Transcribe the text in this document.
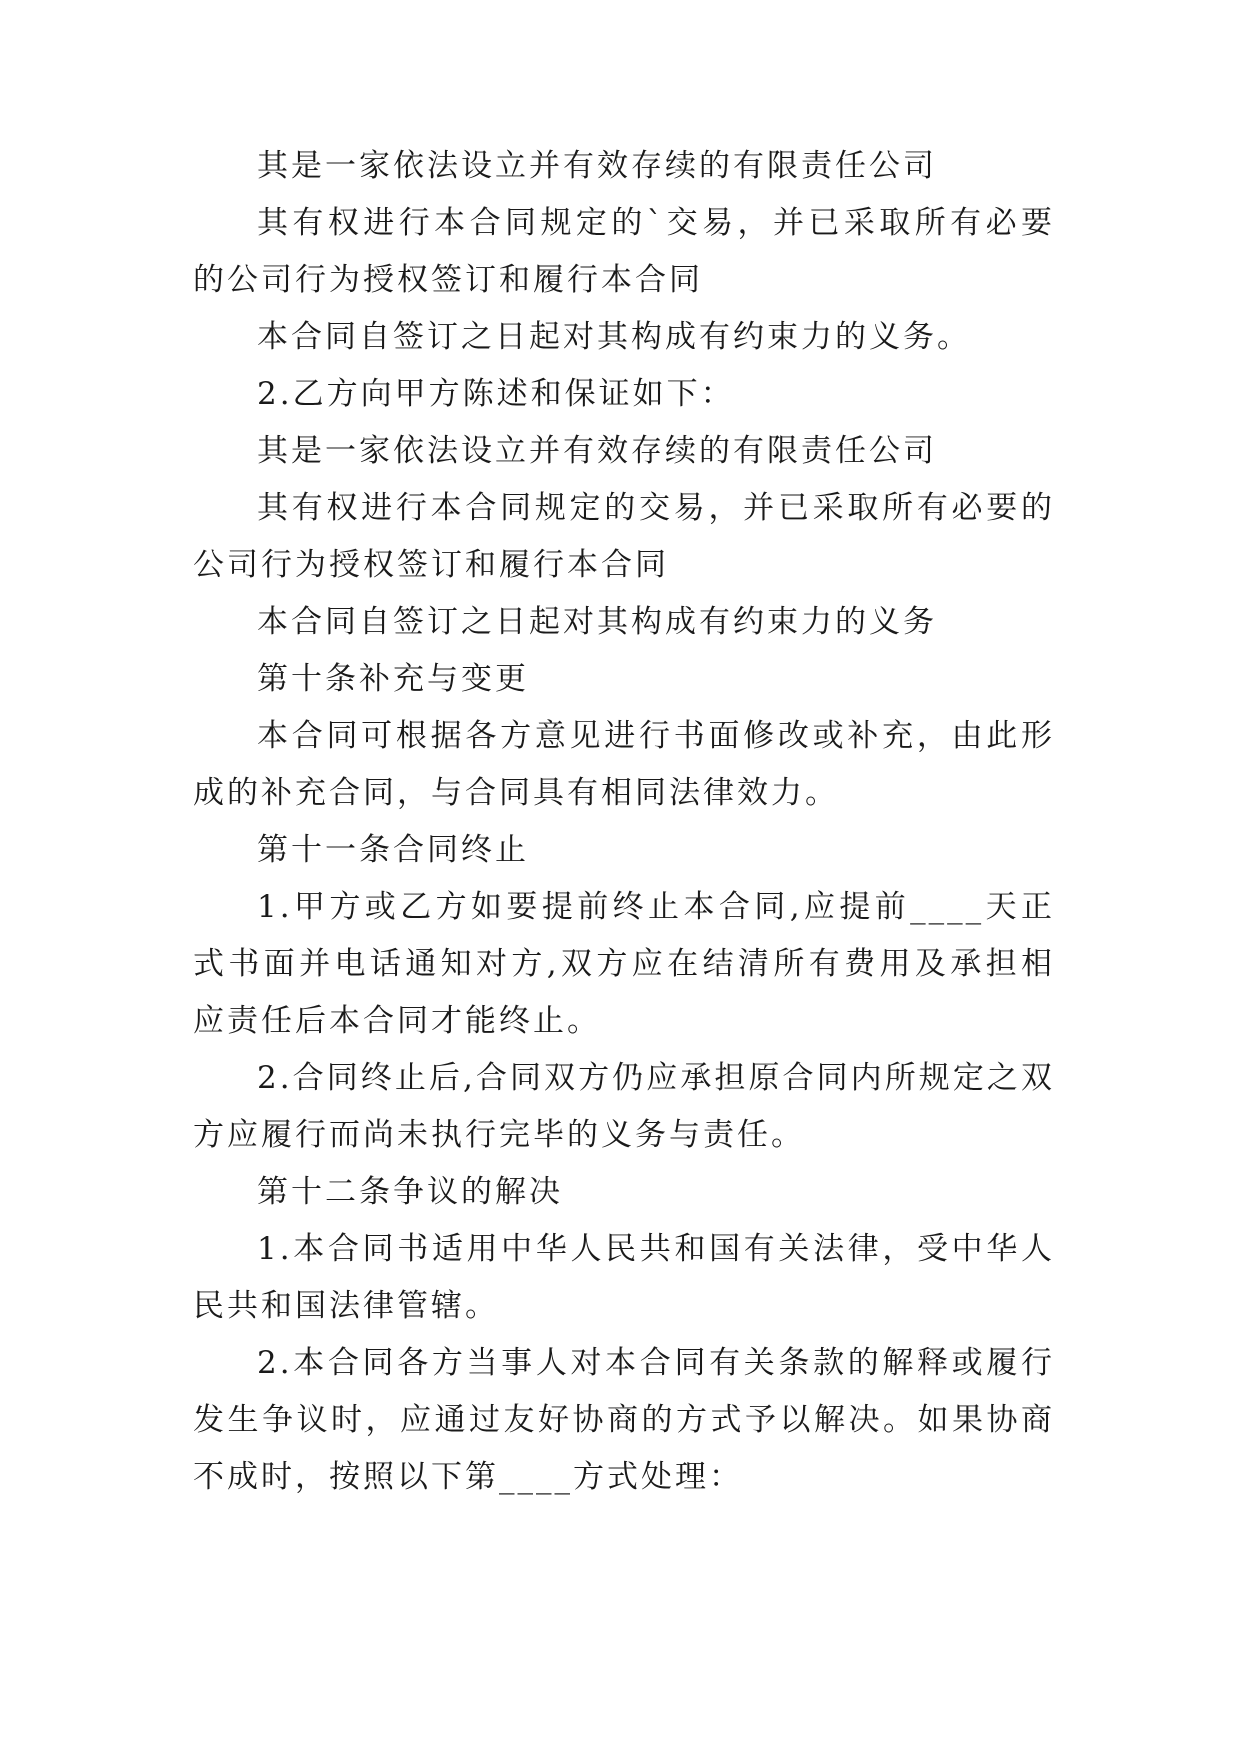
其是一家依法设立并有效存续的有限责任公司

其有权进行本合同规定的`交易，并已采取所有必要的公司行为授权签订和履行本合同

本合同自签订之日起对其构成有约束力的义务。

2.乙方向甲方陈述和保证如下：

其是一家依法设立并有效存续的有限责任公司

其有权进行本合同规定的交易，并已采取所有必要的公司行为授权签订和履行本合同

本合同自签订之日起对其构成有约束力的义务

第十条补充与变更

本合同可根据各方意见进行书面修改或补充，由此形成的补充合同，与合同具有相同法律效力。

第十一条合同终止

1.甲方或乙方如要提前终止本合同,应提前____天正式书面并电话通知对方,双方应在结清所有费用及承担相应责任后本合同才能终止。

2.合同终止后,合同双方仍应承担原合同内所规定之双方应履行而尚未执行完毕的义务与责任。

第十二条争议的解决

1.本合同书适用中华人民共和国有关法律，受中华人民共和国法律管辖。

2.本合同各方当事人对本合同有关条款的解释或履行发生争议时，应通过友好协商的方式予以解决。如果协商不成时，按照以下第____方式处理：
